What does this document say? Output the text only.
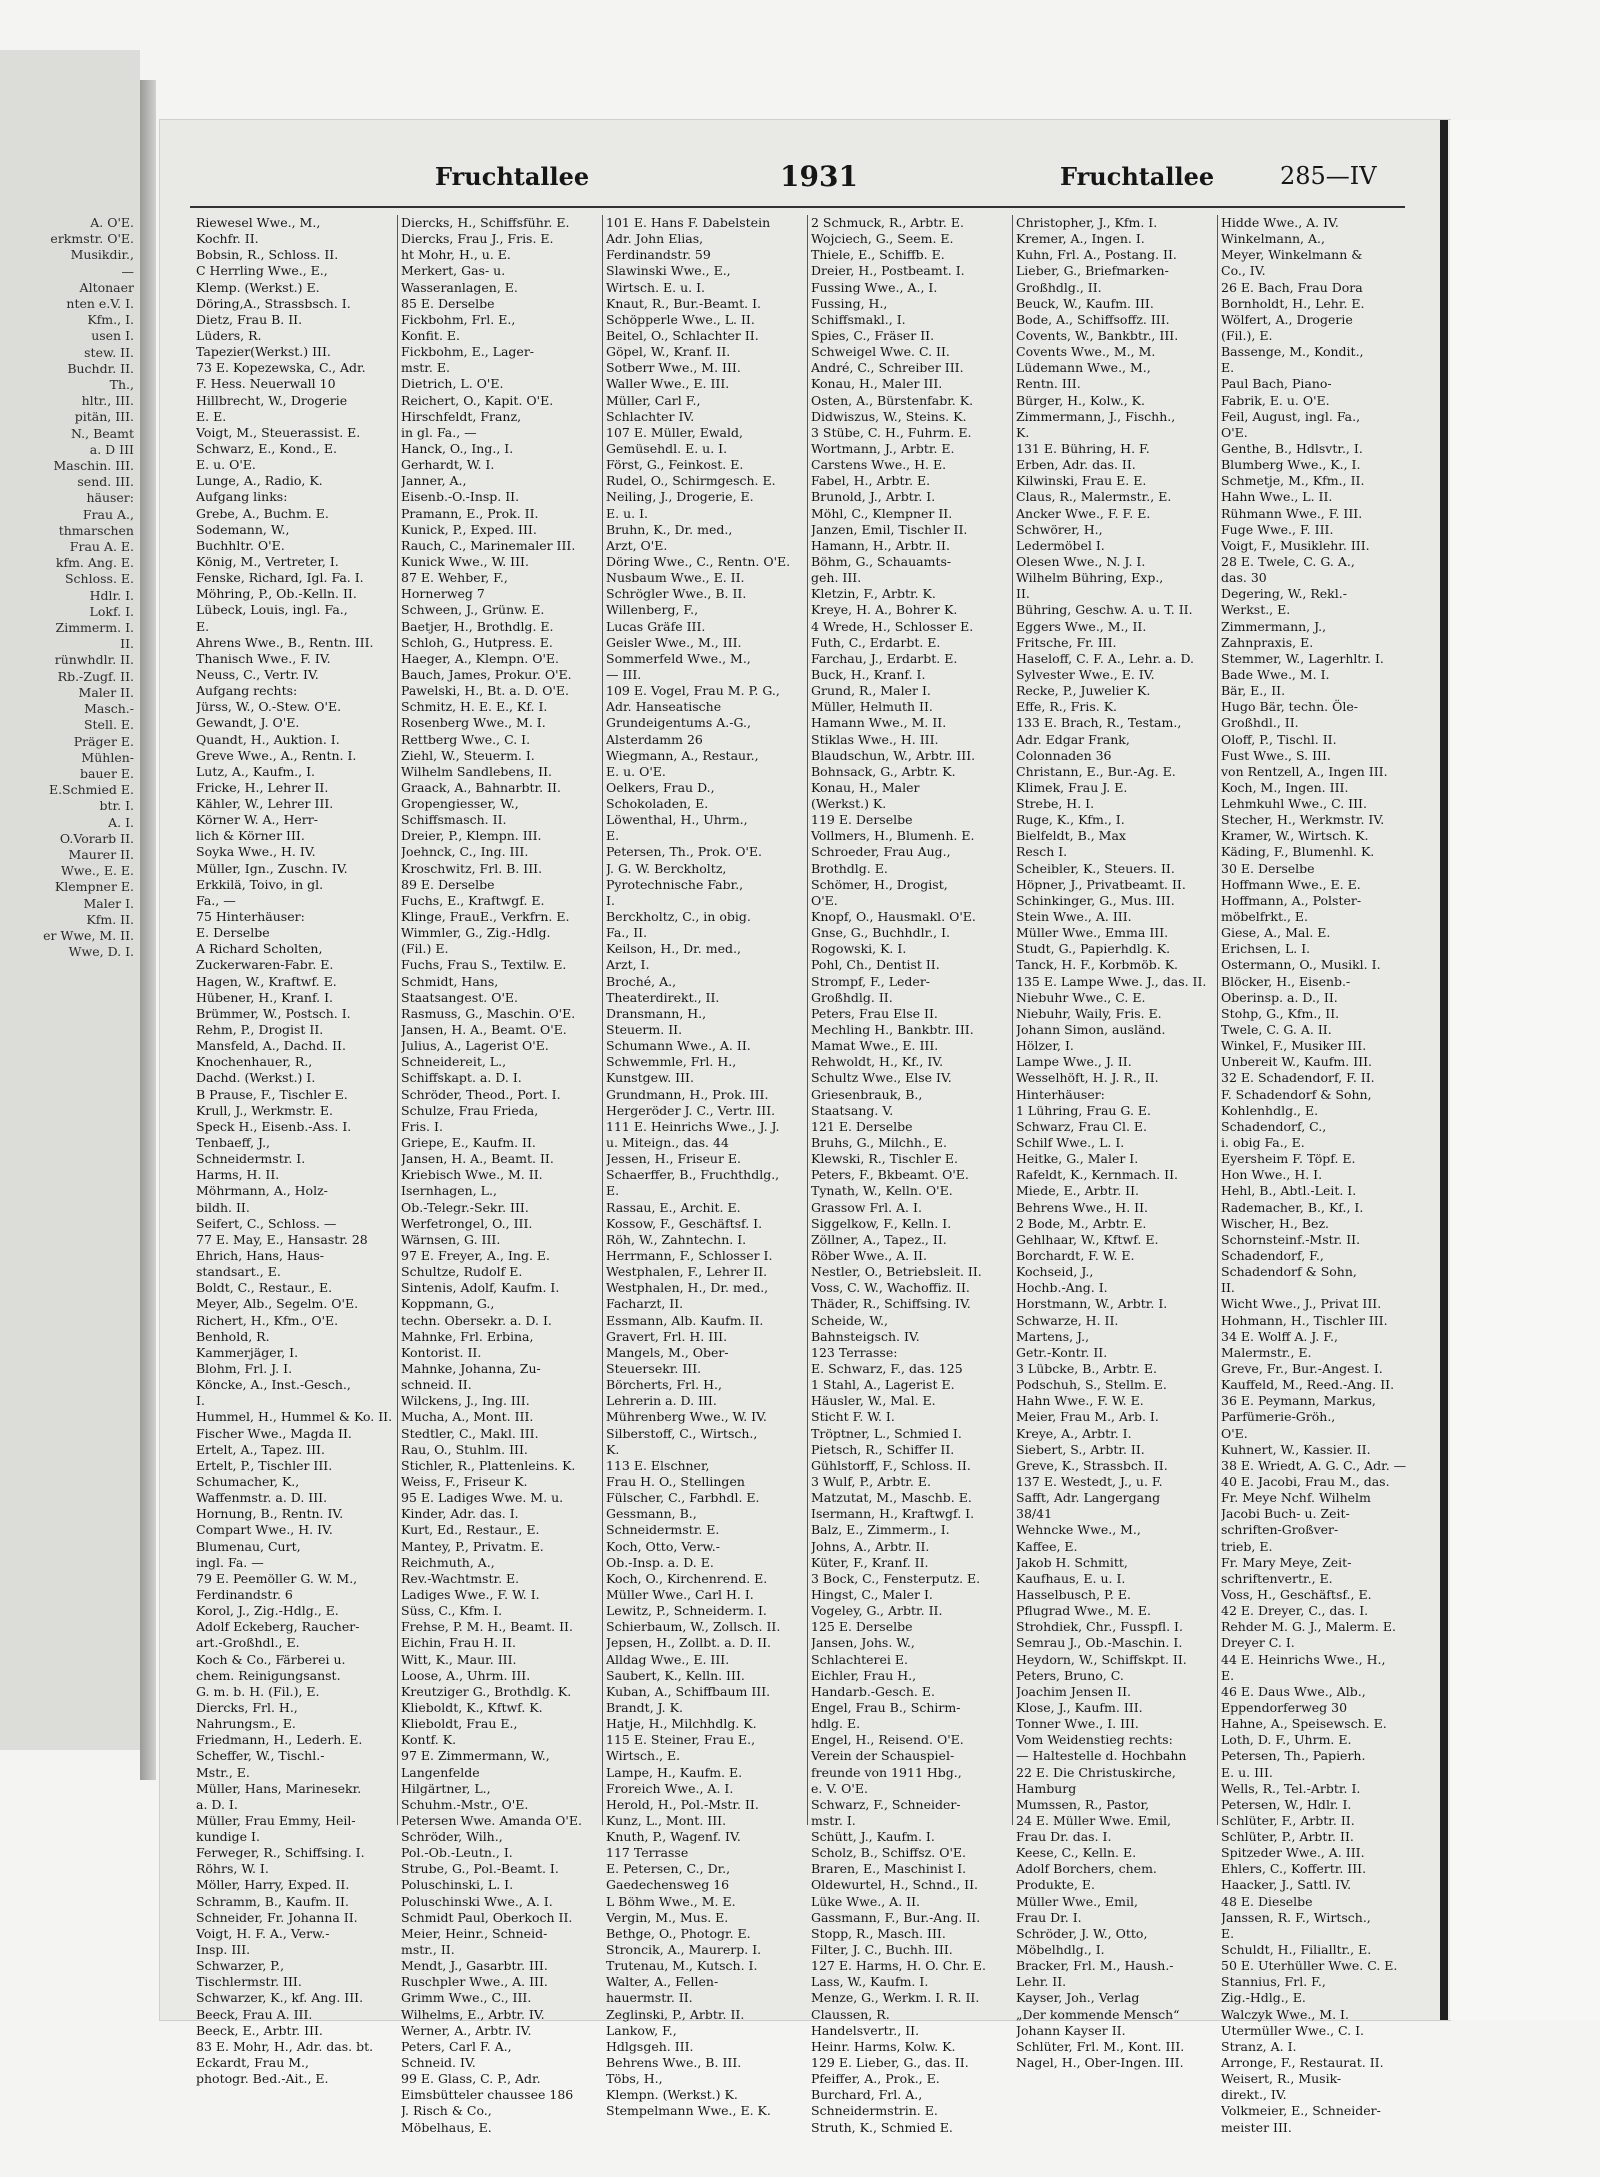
A. O'E.
erkmstr. O'E.
Musikdir.,
—
Altonaer
nten e.V. I.
Kfm., I.
usen I.
stew. II.
Buchdr. II.
Th.,
hltr., III.
pitän, III.
N., Beamt
a. D III
Maschin. III.
send. III.
häuser:
Frau A.,
thmarschen
Frau A. E.
kfm. Ang. E.
Schloss. E.
Hdlr. I.
Lokf. I.
Zimmerm. I.
II.
rünwhdlr. II.
Rb.-Zugf. II.
Maler II.
Masch.-
Stell. E.
Präger E.
Mühlen-
bauer E.
E.Schmied E.
btr. I.
A. I.
O.Vorarb II.
Maurer II.
Wwe., E. E.
Klempner E.
Maler I.
Kfm. II.
er Wwe, M. II.
Wwe, D. I.
Fruchtallee	1931	Fruchtallee	285—IV
Riewesel Wwe., M.,
Kochfr. II.
Bobsin, R., Schloss. II.
C Herrling Wwe., E.,
Klemp. (Werkst.) E.
Döring,A., Strassbsch. I.
Dietz, Frau B. II.
Lüders, R.
Tapezier(Werkst.) III.
73 E. Kopezewska, C., Adr.
F. Hess. Neuerwall 10
Hillbrecht, W., Drogerie
E. E.
Voigt, M., Steuerassist. E.
Schwarz, E., Kond., E.
E. u. O'E.
Lunge, A., Radio, K.
Aufgang links:
Grebe, A., Buchm. E.
Sodemann, W.,
Buchhltr. O'E.
König, M., Vertreter, I.
Fenske, Richard, Igl. Fa. I.
Möhring, P., Ob.-Kelln. II.
Lübeck, Louis, ingl. Fa.,
E.
Ahrens Wwe., B., Rentn. III.
Thanisch Wwe., F. IV.
Neuss, C., Vertr. IV.
Aufgang rechts:
Jürss, W., O.-Stew. O'E.
Gewandt, J. O'E.
Quandt, H., Auktion. I.
Greve Wwe., A., Rentn. I.
Lutz, A., Kaufm., I.
Fricke, H., Lehrer II.
Kähler, W., Lehrer III.
Körner W. A., Herr-
lich & Körner III.
Soyka Wwe., H. IV.
Müller, Ign., Zuschn. IV.
Erkkilä, Toivo, in gl.
Fa., —
75 Hinterhäuser:
E. Derselbe
A Richard Scholten,
Zuckerwaren-Fabr. E.
Hagen, W., Kraftwf. E.
Hübener, H., Kranf. I.
Brümmer, W., Postsch. I.
Rehm, P., Drogist II.
Mansfeld, A., Dachd. II.
Knochenhauer, R.,
Dachd. (Werkst.) I.
B Prause, F., Tischler E.
Krull, J., Werkmstr. E.
Speck H., Eisenb.-Ass. I.
Tenbaeff, J.,
Schneidermstr. I.
Harms, H. II.
Möhrmann, A., Holz-
bildh. II.
Seifert, C., Schloss. —
77 E. May, E., Hansastr. 28
Ehrich, Hans, Haus-
standsart., E.
Boldt, C., Restaur., E.
Meyer, Alb., Segelm. O'E.
Richert, H., Kfm., O'E.
Benhold, R.
Kammerjäger, I.
Blohm, Frl. J. I.
Köncke, A., Inst.-Gesch.,
I.
Hummel, H., Hummel & Ko. II.
Fischer Wwe., Magda II.
Ertelt, A., Tapez. III.
Ertelt, P., Tischler III.
Schumacher, K.,
Waffenmstr. a. D. III.
Hornung, B., Rentn. IV.
Compart Wwe., H. IV.
Blumenau, Curt,
ingl. Fa. —
79 E. Peemöller G. W. M.,
Ferdinandstr. 6
Korol, J., Zig.-Hdlg., E.
Adolf Eckeberg, Raucher-
art.-Großhdl., E.
Koch & Co., Färberei u.
chem. Reinigungsanst.
G. m. b. H. (Fil.), E.
Diercks, Frl. H.,
Nahrungsm., E.
Friedmann, H., Lederh. E.
Scheffer, W., Tischl.-
Mstr., E.
Müller, Hans, Marinesekr.
a. D. I.
Müller, Frau Emmy, Heil-
kundige I.
Ferweger, R., Schiffsing. I.
Röhrs, W. I.
Möller, Harry, Exped. II.
Schramm, B., Kaufm. II.
Schneider, Fr. Johanna II.
Voigt, H. F. A., Verw.-
Insp. III.
Schwarzer, P.,
Tischlermstr. III.
Schwarzer, K., kf. Ang. III.
Beeck, Frau A. III.
Beeck, E., Arbtr. III.
83 E. Mohr, H., Adr. das. bt.
Eckardt, Frau M.,
photogr. Bed.-Ait., E.
Diercks, H., Schiffsführ. E.
Diercks, Frau J., Fris. E.
ht Mohr, H., u. E.
Merkert, Gas- u.
Wasseranlagen, E.
85 E. Derselbe
Fickbohm, Frl. E.,
Konfit. E.
Fickbohm, E., Lager-
mstr. E.
Dietrich, L. O'E.
Reichert, O., Kapit. O'E.
Hirschfeldt, Franz,
in gl. Fa., —
Hanck, O., Ing., I.
Gerhardt, W. I.
Janner, A.,
Eisenb.-O.-Insp. II.
Pramann, E., Prok. II.
Kunick, P., Exped. III.
Rauch, C., Marinemaler III.
Kunick Wwe., W. III.
87 E. Wehber, F.,
Hornerweg 7
Schween, J., Grünw. E.
Baetjer, H., Brothdlg. E.
Schloh, G., Hutpress. E.
Haeger, A., Klempn. O'E.
Bauch, James, Prokur. O'E.
Pawelski, H., Bt. a. D. O'E.
Schmitz, H. E. E., Kf. I.
Rosenberg Wwe., M. I.
Rettberg Wwe., C. I.
Ziehl, W., Steuerm. I.
Wilhelm Sandlebens, II.
Graack, A., Bahnarbtr. II.
Gropengiesser, W.,
Schiffsmasch. II.
Dreier, P., Klempn. III.
Joehnck, C., Ing. III.
Kroschwitz, Frl. B. III.
89 E. Derselbe
Fuchs, E., Kraftwgf. E.
Klinge, FrauE., Verkfrn. E.
Wimmler, G., Zig.-Hdlg.
(Fil.) E.
Fuchs, Frau S., Textilw. E.
Schmidt, Hans,
Staatsangest. O'E.
Rasmuss, G., Maschin. O'E.
Jansen, H. A., Beamt. O'E.
Julius, A., Lagerist O'E.
Schneidereit, L.,
Schiffskapt. a. D. I.
Schröder, Theod., Port. I.
Schulze, Frau Frieda,
Fris. I.
Griepe, E., Kaufm. II.
Jansen, H. A., Beamt. II.
Kriebisch Wwe., M. II.
Isernhagen, L.,
Ob.-Telegr.-Sekr. III.
Werfetrongel, O., III.
Wärnsen, G. III.
97 E. Freyer, A., Ing. E.
Schultze, Rudolf E.
Sintenis, Adolf, Kaufm. I.
Koppmann, G.,
techn. Obersekr. a. D. I.
Mahnke, Frl. Erbina,
Kontorist. II.
Mahnke, Johanna, Zu-
schneid. II.
Wilckens, J., Ing. III.
Mucha, A., Mont. III.
Stedtler, C., Makl. III.
Rau, O., Stuhlm. III.
Stichler, R., Plattenleins. K.
Weiss, F., Friseur K.
95 E. Ladiges Wwe. M. u.
Kinder, Adr. das. I.
Kurt, Ed., Restaur., E.
Mantey, P., Privatm. E.
Reichmuth, A.,
Rev.-Wachtmstr. E.
Ladiges Wwe., F. W. I.
Süss, C., Kfm. I.
Frehse, P. M. H., Beamt. II.
Eichin, Frau H. II.
Witt, K., Maur. III.
Loose, A., Uhrm. III.
Kreutziger G., Brothdlg. K.
Klieboldt, K., Kftwf. K.
Klieboldt, Frau E.,
Kontf. K.
97 E. Zimmermann, W.,
Langenfelde
Hilgärtner, L.,
Schuhm.-Mstr., O'E.
Petersen Wwe. Amanda O'E.
Schröder, Wilh.,
Pol.-Ob.-Leutn., I.
Strube, G., Pol.-Beamt. I.
Poluschinski, L. I.
Poluschinski Wwe., A. I.
Schmidt Paul, Oberkoch II.
Meier, Heinr., Schneid-
mstr., II.
Mendt, J., Gasarbtr. III.
Ruschpler Wwe., A. III.
Grimm Wwe., C., III.
Wilhelms, E., Arbtr. IV.
Werner, A., Arbtr. IV.
Peters, Carl F. A.,
Schneid. IV.
99 E. Glass, C. P., Adr.
Eimsbütteler chaussee 186
J. Risch & Co.,
Möbelhaus, E.
101 E. Hans F. Dabelstein
Adr. John Elias,
Ferdinandstr. 59
Slawinski Wwe., E.,
Wirtsch. E. u. I.
Knaut, R., Bur.-Beamt. I.
Schöpperle Wwe., L. II.
Beitel, O., Schlachter II.
Göpel, W., Kranf. II.
Sotberr Wwe., M. III.
Waller Wwe., E. III.
Müller, Carl F.,
Schlachter IV.
107 E. Müller, Ewald,
Gemüsehdl. E. u. I.
Först, G., Feinkost. E.
Rudel, O., Schirmgesch. E.
Neiling, J., Drogerie, E.
E. u. I.
Bruhn, K., Dr. med.,
Arzt, O'E.
Döring Wwe., C., Rentn. O'E.
Nusbaum Wwe., E. II.
Schrögler Wwe., B. II.
Willenberg, F.,
Lucas Gräfe III.
Geisler Wwe., M., III.
Sommerfeld Wwe., M.,
— III.
109 E. Vogel, Frau M. P. G.,
Adr. Hanseatische
Grundeigentums A.-G.,
Alsterdamm 26
Wiegmann, A., Restaur.,
E. u. O'E.
Oelkers, Frau D.,
Schokoladen, E.
Löwenthal, H., Uhrm.,
E.
Petersen, Th., Prok. O'E.
J. G. W. Berckholtz,
Pyrotechnische Fabr.,
I.
Berckholtz, C., in obig.
Fa., II.
Keilson, H., Dr. med.,
Arzt, I.
Broché, A.,
Theaterdirekt., II.
Dransmann, H.,
Steuerm. II.
Schumann Wwe., A. II.
Schwemmle, Frl. H.,
Kunstgew. III.
Grundmann, H., Prok. III.
Hergeröder J. C., Vertr. III.
111 E. Heinrichs Wwe., J. J.
u. Miteign., das. 44
Jessen, H., Friseur E.
Schaerffer, B., Fruchthdlg.,
E.
Rassau, E., Archit. E.
Kossow, F., Geschäftsf. I.
Röh, W., Zahntechn. I.
Herrmann, F., Schlosser I.
Westphalen, F., Lehrer II.
Westphalen, H., Dr. med.,
Facharzt, II.
Essmann, Alb. Kaufm. II.
Gravert, Frl. H. III.
Mangels, M., Ober-
Steuersekr. III.
Börcherts, Frl. H.,
Lehrerin a. D. III.
Mührenberg Wwe., W. IV.
Silberstoff, C., Wirtsch.,
K.
113 E. Elschner,
Frau H. O., Stellingen
Fülscher, C., Farbhdl. E.
Gessmann, B.,
Schneidermstr. E.
Koch, Otto, Verw.-
Ob.-Insp. a. D. E.
Koch, O., Kirchenrend. E.
Müller Wwe., Carl H. I.
Lewitz, P., Schneiderm. I.
Schierbaum, W., Zollsch. II.
Jepsen, H., Zollbt. a. D. II.
Alldag Wwe., E. III.
Saubert, K., Kelln. III.
Kuban, A., Schiffbaum III.
Brandt, J. K.
Hatje, H., Milchhdlg. K.
115 E. Steiner, Frau E.,
Wirtsch., E.
Lampe, H., Kaufm. E.
Froreich Wwe., A. I.
Herold, H., Pol.-Mstr. II.
Kunz, L., Mont. III.
Knuth, P., Wagenf. IV.
117 Terrasse
E. Petersen, C., Dr.,
Gaedechensweg 16
L Böhm Wwe., M. E.
Vergin, M., Mus. E.
Bethge, O., Photogr. E.
Stroncik, A., Maurerp. I.
Trutenau, M., Kutsch. I.
Walter, A., Fellen-
hauermstr. II.
Zeglinski, P., Arbtr. II.
Lankow, F.,
Hdlgsgeh. III.
Behrens Wwe., B. III.
Töbs, H.,
Klempn. (Werkst.) K.
Stempelmann Wwe., E. K.
2 Schmuck, R., Arbtr. E.
Wojciech, G., Seem. E.
Thiele, E., Schiffb. E.
Dreier, H., Postbeamt. I.
Fussing Wwe., A., I.
Fussing, H.,
Schiffsmakl., I.
Spies, C., Fräser II.
Schweigel Wwe. C. II.
André, C., Schreiber III.
Konau, H., Maler III.
Osten, A., Bürstenfabr. K.
Didwiszus, W., Steins. K.
3 Stübe, C. H., Fuhrm. E.
Wortmann, J., Arbtr. E.
Carstens Wwe., H. E.
Fabel, H., Arbtr. E.
Brunold, J., Arbtr. I.
Möhl, C., Klempner II.
Janzen, Emil, Tischler II.
Hamann, H., Arbtr. II.
Böhm, G., Schauamts-
geh. III.
Kletzin, F., Arbtr. K.
Kreye, H. A., Bohrer K.
4 Wrede, H., Schlosser E.
Futh, C., Erdarbt. E.
Farchau, J., Erdarbt. E.
Buck, H., Kranf. I.
Grund, R., Maler I.
Müller, Helmuth II.
Hamann Wwe., M. II.
Stiklas Wwe., H. III.
Blaudschun, W., Arbtr. III.
Bohnsack, G., Arbtr. K.
Konau, H., Maler
(Werkst.) K.
119 E. Derselbe
Vollmers, H., Blumenh. E.
Schroeder, Frau Aug.,
Brothdlg. E.
Schömer, H., Drogist,
O'E.
Knopf, O., Hausmakl. O'E.
Gnse, G., Buchhdlr., I.
Rogowski, K. I.
Pohl, Ch., Dentist II.
Strompf, F., Leder-
Großhdlg. II.
Peters, Frau Else II.
Mechling H., Bankbtr. III.
Mamat Wwe., E. III.
Rehwoldt, H., Kf., IV.
Schultz Wwe., Else IV.
Griesenbrauk, B.,
Staatsang. V.
121 E. Derselbe
Bruhs, G., Milchh., E.
Klewski, R., Tischler E.
Peters, F., Bkbeamt. O'E.
Tynath, W., Kelln. O'E.
Grassow Frl. A. I.
Siggelkow, F., Kelln. I.
Zöllner, A., Tapez., II.
Röber Wwe., A. II.
Nestler, O., Betriebsleit. II.
Voss, C. W., Wachoffiz. II.
Thäder, R., Schiffsing. IV.
Scheide, W.,
Bahnsteigsch. IV.
123 Terrasse:
E. Schwarz, F., das. 125
1 Stahl, A., Lagerist E.
Häusler, W., Mal. E.
Sticht F. W. I.
Tröptner, L., Schmied I.
Pietsch, R., Schiffer II.
Gühlstorff, F., Schloss. II.
3 Wulf, P., Arbtr. E.
Matzutat, M., Maschb. E.
Isermann, H., Kraftwgf. I.
Balz, E., Zimmerm., I.
Johns, A., Arbtr. II.
Küter, F., Kranf. II.
3 Bock, C., Fensterputz. E.
Hingst, C., Maler I.
Vogeley, G., Arbtr. II.
125 E. Derselbe
Jansen, Johs. W.,
Schlachterei E.
Eichler, Frau H.,
Handarb.-Gesch. E.
Engel, Frau B., Schirm-
hdlg. E.
Engel, H., Reisend. O'E.
Verein der Schauspiel-
freunde von 1911 Hbg.,
e. V. O'E.
Schwarz, F., Schneider-
mstr. I.
Schütt, J., Kaufm. I.
Scholz, B., Schiffsz. O'E.
Braren, E., Maschinist I.
Oldewurtel, H., Schnd., II.
Lüke Wwe., A. II.
Gassmann, F., Bur.-Ang. II.
Stopp, R., Masch. III.
Filter, J. C., Buchh. III.
127 E. Harms, H. O. Chr. E.
Lass, W., Kaufm. I.
Menze, G., Werkm. I. R. II.
Claussen, R.
Handelsvertr., II.
Heinr. Harms, Kolw. K.
129 E. Lieber, G., das. II.
Pfeiffer, A., Prok., E.
Burchard, Frl. A.,
Schneidermstrin. E.
Struth, K., Schmied E.
Christopher, J., Kfm. I.
Kremer, A., Ingen. I.
Kuhn, Frl. A., Postang. II.
Lieber, G., Briefmarken-
Großhdlg., II.
Beuck, W., Kaufm. III.
Bode, A., Schiffsoffz. III.
Covents, W., Bankbtr., III.
Covents Wwe., M., M.
Lüdemann Wwe., M.,
Rentn. III.
Bürger, H., Kolw., K.
Zimmermann, J., Fischh.,
K.
131 E. Bühring, H. F.
Erben, Adr. das. II.
Kilwinski, Frau E. E.
Claus, R., Malermstr., E.
Ancker Wwe., F. F. E.
Schwörer, H.,
Ledermöbel I.
Olesen Wwe., N. J. I.
Wilhelm Bühring, Exp.,
II.
Bühring, Geschw. A. u. T. II.
Eggers Wwe., M., II.
Fritsche, Fr. III.
Haseloff, C. F. A., Lehr. a. D.
Sylvester Wwe., E. IV.
Recke, P., Juwelier K.
Effe, R., Fris. K.
133 E. Brach, R., Testam.,
Adr. Edgar Frank,
Colonnaden 36
Christann, E., Bur.-Ag. E.
Klimek, Frau J. E.
Strebe, H. I.
Ruge, K., Kfm., I.
Bielfeldt, B., Max
Resch I.
Scheibler, K., Steuers. II.
Höpner, J., Privatbeamt. II.
Schinkinger, G., Mus. III.
Stein Wwe., A. III.
Müller Wwe., Emma III.
Studt, G., Papierhdlg. K.
Tanck, H. F., Korbmöb. K.
135 E. Lampe Wwe. J., das. II.
Niebuhr Wwe., C. E.
Niebuhr, Waily, Fris. E.
Johann Simon, ausländ.
Hölzer, I.
Lampe Wwe., J. II.
Wesselhöft, H. J. R., II.
Hinterhäuser:
1 Lühring, Frau G. E.
Schwarz, Frau Cl. E.
Schilf Wwe., L. I.
Heitke, G., Maler I.
Rafeldt, K., Kernmach. II.
Miede, E., Arbtr. II.
Behrens Wwe., H. II.
2 Bode, M., Arbtr. E.
Gehlhaar, W., Kftwf. E.
Borchardt, F. W. E.
Kochseid, J.,
Hochb.-Ang. I.
Horstmann, W., Arbtr. I.
Schwarze, H. II.
Martens, J.,
Getr.-Kontr. II.
3 Lübcke, B., Arbtr. E.
Podschuh, S., Stellm. E.
Hahn Wwe., F. W. E.
Meier, Frau M., Arb. I.
Kreye, A., Arbtr. I.
Siebert, S., Arbtr. II.
Greve, K., Strassbch. II.
137 E. Westedt, J., u. F.
Safft, Adr. Langergang
38/41
Wehncke Wwe., M.,
Kaffee, E.
Jakob H. Schmitt,
Kaufhaus, E. u. I.
Hasselbusch, P. E.
Pflugrad Wwe., M. E.
Strohdiek, Chr., Fusspfl. I.
Semrau J., Ob.-Maschin. I.
Heydorn, W., Schiffskpt. II.
Peters, Bruno, C.
Joachim Jensen II.
Klose, J., Kaufm. III.
Tonner Wwe., I. III.
Vom Weidenstieg rechts:
— Haltestelle d. Hochbahn
22 E. Die Christuskirche,
Hamburg
Mumssen, R., Pastor,
24 E. Müller Wwe. Emil,
Frau Dr. das. I.
Keese, C., Kelln. E.
Adolf Borchers, chem.
Produkte, E.
Müller Wwe., Emil,
Frau Dr. I.
Schröder, J. W., Otto,
Möbelhdlg., I.
Bracker, Frl. M., Haush.-
Lehr. II.
Kayser, Joh., Verlag
„Der kommende Mensch“
Johann Kayser II.
Schlüter, Frl. M., Kont. III.
Nagel, H., Ober-Ingen. III.
Hidde Wwe., A. IV.
Winkelmann, A.,
Meyer, Winkelmann &
Co., IV.
26 E. Bach, Frau Dora
Bornholdt, H., Lehr. E.
Wölfert, A., Drogerie
(Fil.), E.
Bassenge, M., Kondit.,
E.
Paul Bach, Piano-
Fabrik, E. u. O'E.
Feil, August, ingl. Fa.,
O'E.
Genthe, B., Hdlsvtr., I.
Blumberg Wwe., K., I.
Schmetje, M., Kfm., II.
Hahn Wwe., L. II.
Rühmann Wwe., F. III.
Fuge Wwe., F. III.
Voigt, F., Musiklehr. III.
28 E. Twele, C. G. A.,
das. 30
Degering, W., Rekl.-
Werkst., E.
Zimmermann, J.,
Zahnpraxis, E.
Stemmer, W., Lagerhltr. I.
Bade Wwe., M. I.
Bär, E., II.
Hugo Bär, techn. Öle-
Großhdl., II.
Oloff, P., Tischl. II.
Fust Wwe., S. III.
von Rentzell, A., Ingen III.
Koch, M., Ingen. III.
Lehmkuhl Wwe., C. III.
Stecher, H., Werkmstr. IV.
Kramer, W., Wirtsch. K.
Käding, F., Blumenhl. K.
30 E. Derselbe
Hoffmann Wwe., E. E.
Hoffmann, A., Polster-
möbelfrkt., E.
Giese, A., Mal. E.
Erichsen, L. I.
Ostermann, O., Musikl. I.
Blöcker, H., Eisenb.-
Oberinsp. a. D., II.
Stohp, G., Kfm., II.
Twele, C. G. A. II.
Winkel, F., Musiker III.
Unbereit W., Kaufm. III.
32 E. Schadendorf, F. II.
F. Schadendorf & Sohn,
Kohlenhdlg., E.
Schadendorf, C.,
i. obig Fa., E.
Eyersheim F. Töpf. E.
Hon Wwe., H. I.
Hehl, B., Abtl.-Leit. I.
Rademacher, B., Kf., I.
Wischer, H., Bez.
Schornsteinf.-Mstr. II.
Schadendorf, F.,
Schadendorf & Sohn,
II.
Wicht Wwe., J., Privat III.
Hohmann, H., Tischler III.
34 E. Wolff A. J. F.,
Malermstr., E.
Greve, Fr., Bur.-Angest. I.
Kauffeld, M., Reed.-Ang. II.
36 E. Peymann, Markus,
Parfümerie-Gröh.,
O'E.
Kuhnert, W., Kassier. II.
38 E. Wriedt, A. G. C., Adr. —
40 E. Jacobi, Frau M., das.
Fr. Meye Nchf. Wilhelm
Jacobi Buch- u. Zeit-
schriften-Großver-
trieb, E.
Fr. Mary Meye, Zeit-
schriftenvertr., E.
Voss, H., Geschäftsf., E.
42 E. Dreyer, C., das. I.
Rehder M. G. J., Malerm. E.
Dreyer C. I.
44 E. Heinrichs Wwe., H.,
E.
46 E. Daus Wwe., Alb.,
Eppendorferweg 30
Hahne, A., Speisewsch. E.
Loth, D. F., Uhrm. E.
Petersen, Th., Papierh.
E. u. III.
Wells, R., Tel.-Arbtr. I.
Petersen, W., Hdlr. I.
Schlüter, F., Arbtr. II.
Schlüter, P., Arbtr. II.
Spitzeder Wwe., A. III.
Ehlers, C., Koffertr. III.
Haacker, J., Sattl. IV.
48 E. Dieselbe
Janssen, R. F., Wirtsch.,
E.
Schuldt, H., Filialltr., E.
50 E. Uterhüller Wwe. C. E.
Stannius, Frl. F.,
Zig.-Hdlg., E.
Walczyk Wwe., M. I.
Utermüller Wwe., C. I.
Stranz, A. I.
Arronge, F., Restaurat. II.
Weisert, R., Musik-
direkt., IV.
Volkmeier, E., Schneider-
meister III.
